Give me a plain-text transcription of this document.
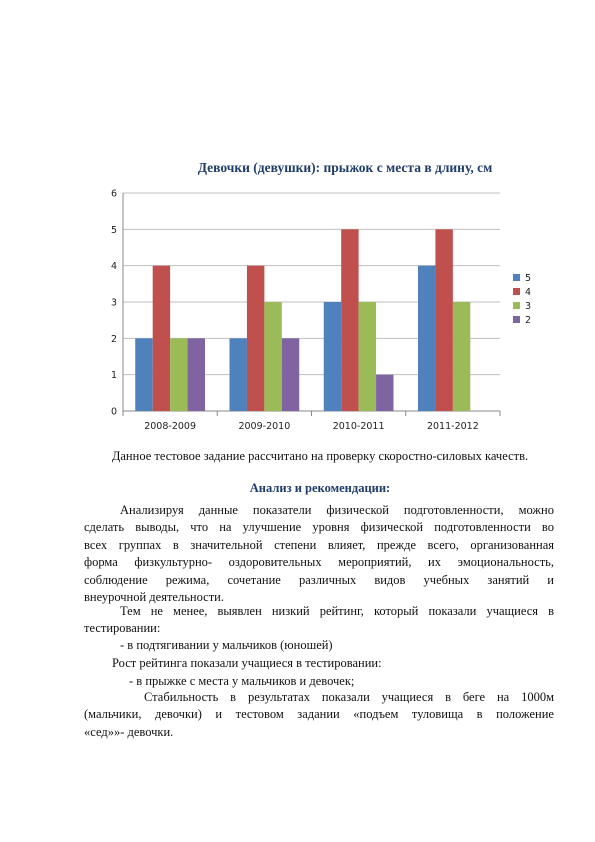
Девочки (девушки): прыжок с места в длину, см
0
1
2
3
4
5
6
2008-2009	2009-2010	2010-2011	2011-2012
5
4
3
2
Данное тестовое задание рассчитано на проверку скоростно-силовых качеств.
Анализ и рекомендации:

Анализируя данные показатели физической подготовленности, можно

сделать выводы, что на улучшение уровня физической подготовленности во

всех группах в значительной степени влияет, прежде всего, организованная

форма физкультурно- оздоровительных мероприятий, их эмоциональность,

соблюдение режима, сочетание различных видов учебных занятий и

внеурочной деятельности.

Тем не менее, выявлен низкий рейтинг, который показали учащиеся в

тестировании:

- в подтягивании у мальчиков (юношей)
Рост рейтинга показали учащиеся в тестировании:
- в прыжке с места у мальчиков и девочек;

Стабильность в результатах показали учащиеся в беге на 1000м

(мальчики, девочки) и тестовом задании «подъем туловища в положение

«сед»»- девочки.
